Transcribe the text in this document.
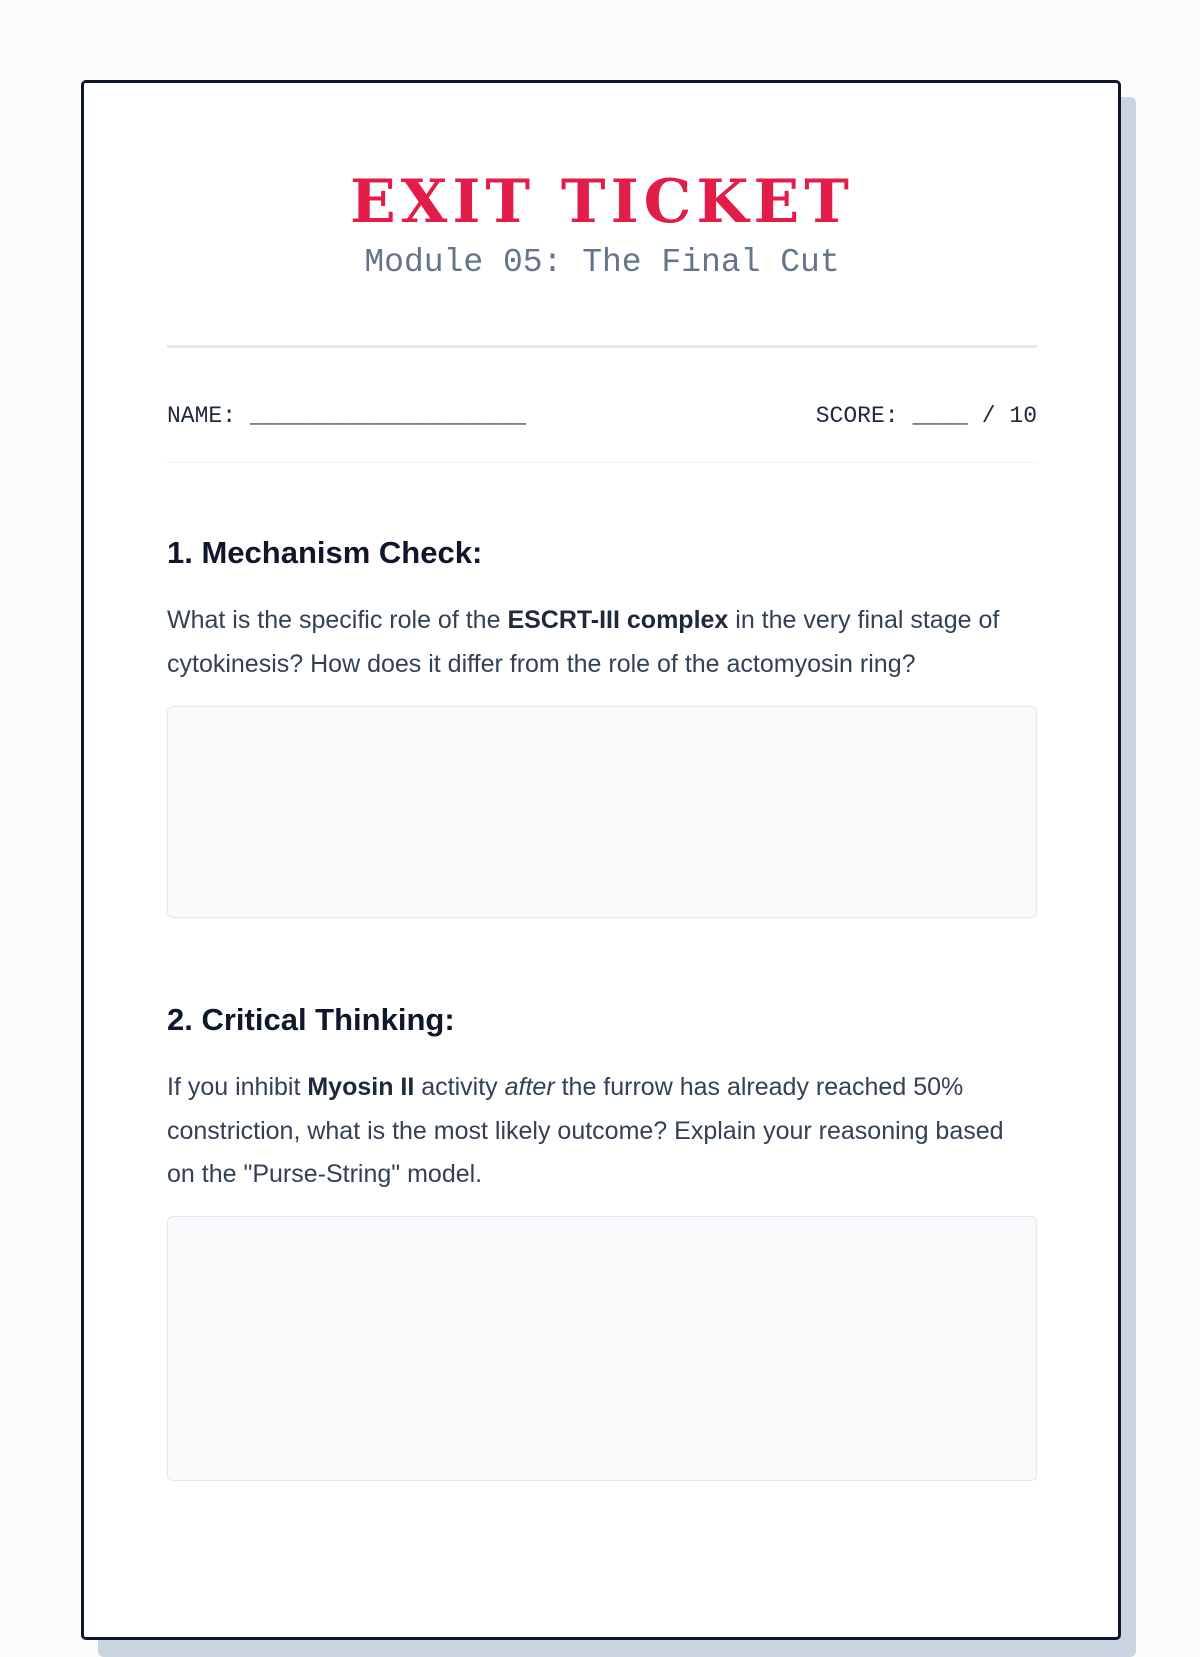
EXIT TICKET
Module 05: The Final Cut
NAME: ____________________	SCORE: ____ / 10
1. Mechanism Check:
What is the specific role of the ESCRT-III complex in the very final stage of cytokinesis? How does it differ from the role of the actomyosin ring?
2. Critical Thinking:
If you inhibit Myosin II activity after the furrow has already reached 50% constriction, what is the most likely outcome? Explain your reasoning based on the "Purse-String" model.
